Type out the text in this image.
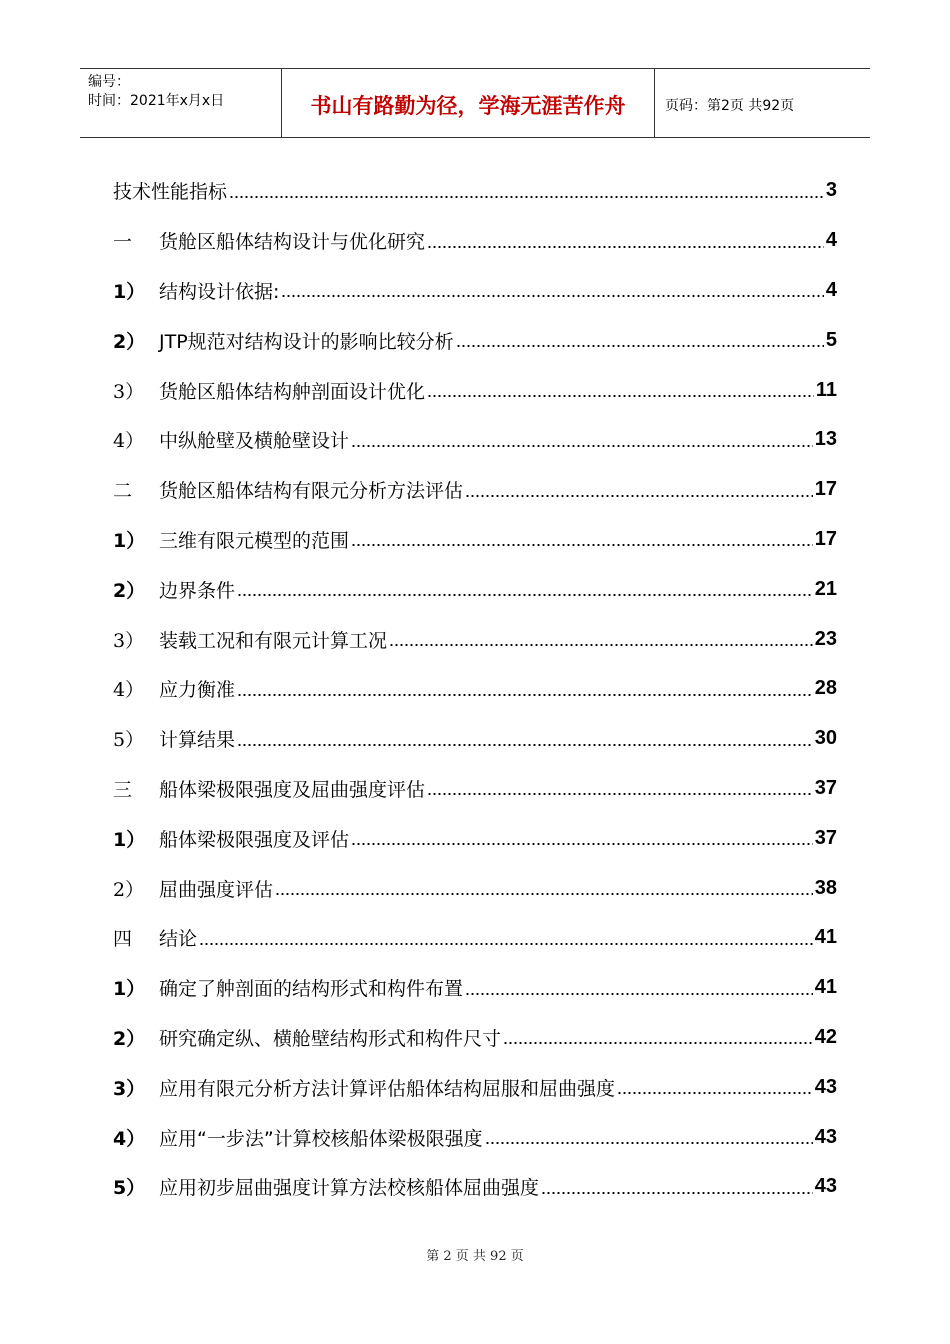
编号：
时间：2021年x月x日	书山有路勤为径，学海无涯苦作舟	页码：第2页 共92页
技术性能指标	3
一	货舱区船体结构设计与优化研究	4
1） 结构设计依据:	4
2） JTP规范对结构设计的影响比较分析	5
3） 货舱区船体结构舯剖面设计优化	11
4） 中纵舱壁及横舱壁设计	13
二	货舱区船体结构有限元分析方法评估	17
1） 三维有限元模型的范围	17
2） 边界条件	21
3） 装载工况和有限元计算工况	23
4） 应力衡准	28
5） 计算结果	30
三	船体梁极限强度及屈曲强度评估	37
1） 船体梁极限强度及评估	37
2） 屈曲强度评估	38
四	结论	41
1） 确定了舯剖面的结构形式和构件布置	41
2） 研究确定纵、横舱壁结构形式和构件尺寸	42
3） 应用有限元分析方法计算评估船体结构屈服和屈曲强度	43
4） 应用“一步法”计算校核船体梁极限强度	43
5） 应用初步屈曲强度计算方法校核船体屈曲强度	43
第 2 页 共 92 页
